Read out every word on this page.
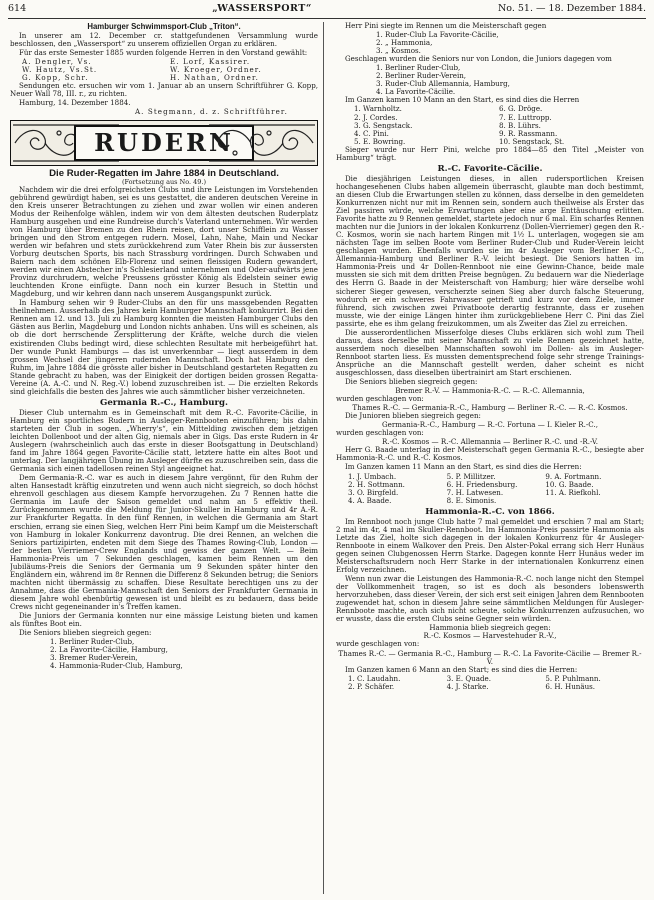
614	„WASSERSPORT“	No. 51. — 18. Dezember 1884.
Hamburger Schwimmsport-Club „Triton“.

In unserer am 12. December cr. stattgefundenen Versammlung wurde beschlossen, den „Wassersport“ zu unserem offiziellen Organ zu erklären.

Für das erste Semester 1885 wurden folgende Herren in den Vorstand gewählt:

A. Dengler, Vs.	E. Lorf, Kassirer.
W. Hautz, Vs.St.	W. Kroeger, Ordner.
G. Kopp, Schr.	H. Nathan, Ordner.

Sendungen etc. ersuchen wir vom 1. Januar ab an unsern Schriftführer G. Kopp, Neuer Wall 78, III. r., zu richten.

Hamburg, 14. Dezember 1884.

A. Stegmann, d. z. Schriftführer.
RUDERN
Die Ruder-Regatten im Jahre 1884 in Deutschland.
(Fortsetzung aus No. 49.)

Nachdem wir die drei erfolgreichsten Clubs und ihre Leistungen im Vorstehenden gebührend gewürdigt haben, sei es uns gestattet, die anderen deutschen Vereine in den Kreis unserer Betrachtungen zu ziehen und zwar wollen wir einen anderen Modus der Reihenfolge wählen, indem wir von dem ältesten deutschen Ruderplatz Hamburg ausgehen und eine Rundreise durch's Vaterland unternehmen. Wir werden von Hamburg über Bremen zu den Rhein reisen, dort unser Schifflein zu Wasser bringen und den Strom entgegen rudern. Mosel, Lahn, Nahe, Main und Neckar werden wir befahren und stets zurückkehrend zum Vater Rhein bis zur äussersten Vorburg deutschen Sports, bis nach Strassburg vordringen. Durch Schwaben und Baiern nach dem schönen Elb-Florenz und seinen fleissigen Rudern gewandert, werden wir einen Abstecher in's Schlesierland unternehmen und Oder-aufwärts jene Provinz durchrudern, welche Preussens grösster König als Edelstein seiner ewig leuchtenden Krone einfügte. Dann noch ein kurzer Besuch in Stettin und Magdeburg, und wir kehren dann nach unserem Ausgangspunkt zurück.

In Hamburg sehen wir 9 Ruder-Clubs an den für uns massgebenden Regatten theilnehmen. Ausserhalb des Jahres kein Hamburger Mannschaft konkurrirt. Bei den Rennen am 12. und 13. Juli zu Hamburg konnten die meisten Hamburger Clubs den Gästen aus Berlin, Magdeburg und London nichts anhaben. Uns will es scheinen, als ob die dort herrschende Zersplitterung der Kräfte, welche durch die vielen existirenden Clubs bedingt wird, diese schlechten Resultate mit herbeigeführt hat. Der wunde Punkt Hamburgs — das ist unverkennbar — liegt ausserdem in dem grossen Wechsel der jüngeren rudernden Mannschaft. Doch hat Hamburg den Ruhm, im Jahre 1884 die grösste aller bisher in Deutschland gestarteten Regatten zu Stande gebracht zu haben, was der Einigkeit der dortigen beiden grossen Regatta-Vereine (A. A.-C. und N. Reg.-V.) lobend zuzuschreiben ist. — Die erzielten Rekords sind gleichfalls die besten des Jahres wie auch sämmtlicher bisher verzeichneten.

Germania R.-C., Hamburg.

Dieser Club unternahm es in Gemeinschaft mit dem R.-C. Favorite-Cäcilie, in Hamburg ein sportliches Rudern in Ausleger-Rennbooten einzuführen; bis dahin starteten der Club in sogen. „Wherry's“, ein Mittelding zwischen dem jetzigen leichten Dollenboot und der alten Gig, niemals aber in Gigs. Das erste Rudern in 4r Auslegern (wahrscheinlich auch das erste in dieser Bootsgattung in Deutschland) fand im Jahre 1864 gegen Favorite-Cäcilie statt, letztere hatte ein altes Boot und unterlag. Der langjährigen Übung im Ausleger dürfte es zuzuschreiben sein, dass die Germania sich einen tadellosen reinen Styl angeeignet hat.

Dem Germania-R.-C. war es auch in diesem Jahre vergönnt, für den Ruhm der alten Hansestadt kräftig einzutreten und wenn auch nicht siegreich, so doch höchst ehrenvoll geschlagen aus diesem Kampfe hervorzugehen. Zu 7 Rennen hatte die Germania im Laufe der Saison gemeldet und nahm an 5 effektiv theil. Zurückgenommen wurde die Meldung für Junior-Skuller in Hamburg und 4r A.-R. zur Frankfurter Regatta. In den fünf Rennen, in welchen die Germania am Start erschien, errang sie einen Sieg, welchen Herr Pini beim Kampf um die Meisterschaft von Hamburg in lokaler Konkurrenz davontrug. Die drei Rennen, an welchen die Seniors partizipirten, endeten mit dem Siege des Thames Rowing-Club, London — der besten Vierriemer-Crew Englands und gewiss der ganzen Welt. — Beim Hammonia-Preis um 7 Sekunden geschlagen, kamen beim Rennen um den Jubiläums-Preis die Seniors der Germania um 9 Sekunden später hinter den Engländern ein, während im 8r Rennen die Differenz 8 Sekunden betrug; die Seniors machten nicht übermässig zu schaffen. Diese Resultate berechtigen uns zu der Annahme, dass die Germania-Mannschaft den Seniors der Frankfurter Germania in diesem Jahre wohl ebenbürtig gewesen ist und bleibt es zu bedauern, dass beide Crews nicht gegeneinander in's Treffen kamen.

Die Juniors der Germania konnten nur eine mässige Leistung bieten und kamen als fünftes Boot ein.

Die Seniors blieben siegreich gegen:

1. Berliner Ruder-Club,
2. La Favorite-Cäcilie, Hamburg,
3. Bremer Ruder-Verein,
4. Hammonia-Ruder-Club, Hamburg,

Herr Pini siegte im Rennen um die Meisterschaft gegen

1. Ruder-Club La Favorite-Cäcilie,
2. „ Hammonia,
3. „ Kosmos.

Geschlagen wurden die Seniors nur von London, die Juniors dagegen vom

1. Berliner Ruder-Club,
2. Berliner Ruder-Verein,
3. Ruder-Club Allemannia, Hamburg,
4. La Favorite-Cäcilie.

Im Ganzen kamen 10 Mann an den Start, es sind dies die Herren

1. Warnholtz.	6. G. Dröge.
2. J. Cordes.	7. E. Luttropp.
3. G. Sengstack.	8. B. Lührs.
4. C. Pini.	9. R. Rassmann.
5. E. Bowring.	10. Sengstack, St.

Sieger wurde nur Herr Pini, welche pro 1884—85 den Titel „Meister von Hamburg“ trägt.

R.-C. Favorite-Cäcilie.

Die diesjährigen Leistungen dieses, in allen rudersportlichen Kreisen hochangesehenen Clubs haben allgemein überrascht, glaubte man doch bestimmt, an diesen Club die Erwartungen stellen zu können, dass derselbe in den gemeldeten Konkurrenzen nicht nur mit im Rennen sein, sondern auch theilweise als Erster das Ziel passiren würde, welche Erwartungen aber eine arge Enttäuschung erlitten. Favorite hatte zu 9 Rennen gemeldet, startete jedoch nur 6 mal. Ein scharfes Rennen machten nur die Juniors in der lokalen Konkurrenz (Dollen-Vierriemer) gegen den R.-C. Kosmos, worin sie nach hartem Ringen mit 1½ L. unterlagen, wogegen sie am nächsten Tage im selben Boote vom Berliner Ruder-Club und Ruder-Verein leicht geschlagen wurden. Ebenfalls wurden sie im 4r Ausleger vom Berliner R.-C., Allemannia-Hamburg und Berliner R.-V. leicht besiegt. Die Seniors hatten im Hammonia-Preis und 4r Dollen-Rennboot nie eine Gewinn-Chance, beide male mussten sie sich mit dem dritten Preise begnügen. Zu bedauern war die Niederlage des Herrn G. Baade in der Meisterschaft von Hamburg; hier wäre derselbe wohl sicherer Sieger gewesen, verscherzte seinen Sieg aber durch falsche Steuerung, wodurch er ein schweres Fahrwasser getrieft und kurz vor dem Ziele, immer führend, sich zwischen zwei Privatboote derartig festrannte, dass er zusehen musste, wie der einige Längen hinter ihm zurückgebliebene Herr C. Pini das Ziel passirte, ehe es ihm gelang freizukommen, um als Zweiter das Ziel zu erreichen.

Die ausserordentlichen Misserfolge dieses Clubs erklären sich wohl zum Theil daraus, dass derselbe mit seiner Mannschaft zu viele Rennen gezeichnet hatte, ausserdem noch dieselben Mannschaften sowohl im Dollen- als im Ausleger-Rennboot starten liess. Es mussten dementsprechend folge sehr strenge Trainings-Ansprüche an die Mannschaft gestellt werden, daher scheint es nicht ausgeschlossen, dass dieselben übertrainirt am Start erschienen.

Die Seniors blieben siegreich gegen:

Bremer R.-V. — Hammonia-R.-C. — R.-C. Allemannia,

wurden geschlagen von:

Thames R.-C. — Germania-R.-C., Hamburg — Berliner R.-C. — R.-C. Kosmos.

Die Junioren blieben siegreich gegen:

Germania-R.-C., Hamburg — R.-C. Fortuna — I. Kieler R.-C.,

wurden geschlagen von:

R.-C. Kosmos — R.-C. Allemannia — Berliner R.-C. und -R.-V.

Herr G. Baade unterlag in der Meisterschaft gegen Germania R.-C., besiegte aber Hammonia-R.-C. und R.-C. Kosmos.

Im Ganzen kamen 11 Mann an den Start, es sind dies die Herren:

1. J. Umbach.	5. P. Millitzer.	9. A. Fortmann.
2. H. Sottmann.	6. H. Friedensburg.	10. G. Baade.
3. O. Birgfeld.	7. H. Latwesen.	11. A. Riefkohl.
4. A. Baade.	8. E. Simonis.
Hammonia-R.-C. von 1866.

Im Rennboot noch junge Club hatte 7 mal gemeldet und erschien 7 mal am Start; 2 mal im 4r, 4 mal im Skuller-Rennboot. Im Hammonia-Preis passirte Hammonia als Letzte das Ziel, holte sich dagegen in der lokalen Konkurrenz für 4r Ausleger-Rennboote in einem Walkover den Preis. Den Alster-Pokal errang sich Herr Hunäus gegen seinen Clubgenossen Herrn Starke. Dagegen konnte Herr Hunäus weder im Meisterschaftsrudern noch Herr Starke in der internationalen Konkurrenz einen Erfolg verzeichnen.

Wenn nun zwar die Leistungen des Hammonia-R.-C. noch lange nicht den Stempel der Vollkommenheit tragen, so ist es doch als besonders lobenswerth hervorzuheben, dass dieser Verein, der sich erst seit einigen Jahren dem Rennbooten zugewendet hat, schon in diesem Jahre seine sämmtlichen Meldungen für Ausleger-Rennboote machte, auch sich nicht scheute, solche Konkurrenzen aufzusuchen, wo er wusste, dass die ersten Clubs seine Gegner sein würden.

Hammonia blieb siegreich gegen:
R.-C. Kosmos — Harvestehuder R.-V.,

wurde geschlagen von:

Thames R.-C. — Germania R.-C., Hamburg — R.-C. La Favorite-Cäcilie — Bremer R.-V.

Im Ganzen kamen 6 Mann an den Start; es sind dies die Herren:

1. C. Laudahn.	3. E. Quade.	5. P. Puhlmann.
2. P. Schäfer.	4. J. Starke.	6. H. Hunäus.
